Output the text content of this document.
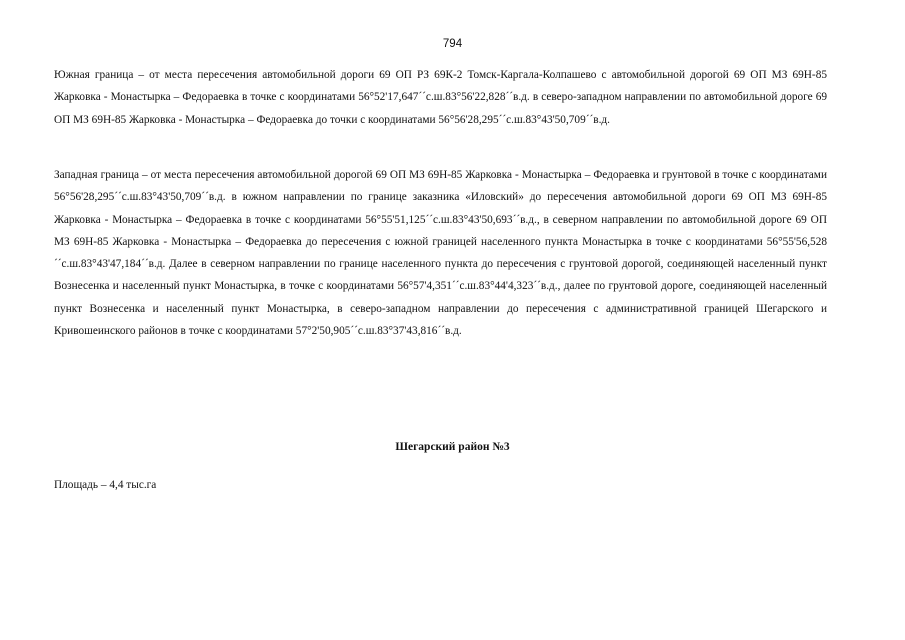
794

Южная граница – от места пересечения автомобильной дороги 69 ОП РЗ 69К-2 Томск-Каргала-Колпашево с автомобильной дорогой 69 ОП МЗ 69Н-85 Жарковка - Монастырка – Федораевка в точке с координатами 56°52'17,647´´с.ш.83°56'22,828´´в.д. в северо-западном направлении по автомобильной дороге 69 ОП МЗ 69Н-85 Жарковка - Монастырка – Федораевка до точки с координатами 56°56'28,295´´с.ш.83°43'50,709´´в.д.

Западная граница – от места пересечения автомобильной дорогой 69 ОП МЗ 69Н-85 Жарковка - Монастырка – Федораевка и грунтовой в точке с координатами 56°56'28,295´´с.ш.83°43'50,709´´в.д. в южном направлении по границе заказника «Иловский» до пересечения автомобильной дороги 69 ОП МЗ 69Н-85 Жарковка - Монастырка – Федораевка в точке с координатами 56°55'51,125´´с.ш.83°43'50,693´´в.д., в северном направлении по автомобильной дороге 69 ОП МЗ 69Н-85 Жарковка - Монастырка – Федораевка до пересечения с южной границей населенного пункта Монастырка в точке с координатами 56°55'56,528´´с.ш.83°43'47,184´´в.д. Далее в северном направлении по границе населенного пункта до пересечения с грунтовой дорогой, соединяющей населенный пункт Вознесенка и населенный пункт Монастырка, в точке с координатами 56°57'4,351´´с.ш.83°44'4,323´´в.д., далее по грунтовой дороге, соединяющей населенный пункт Вознесенка и населенный пункт Монастырка, в северо-западном направлении до пересечения с административной границей Шегарского и Кривошеинского районов в точке с координатами 57°2'50,905´´с.ш.83°37'43,816´´в.д.

Шегарский район №3

Площадь – 4,4 тыс.га
